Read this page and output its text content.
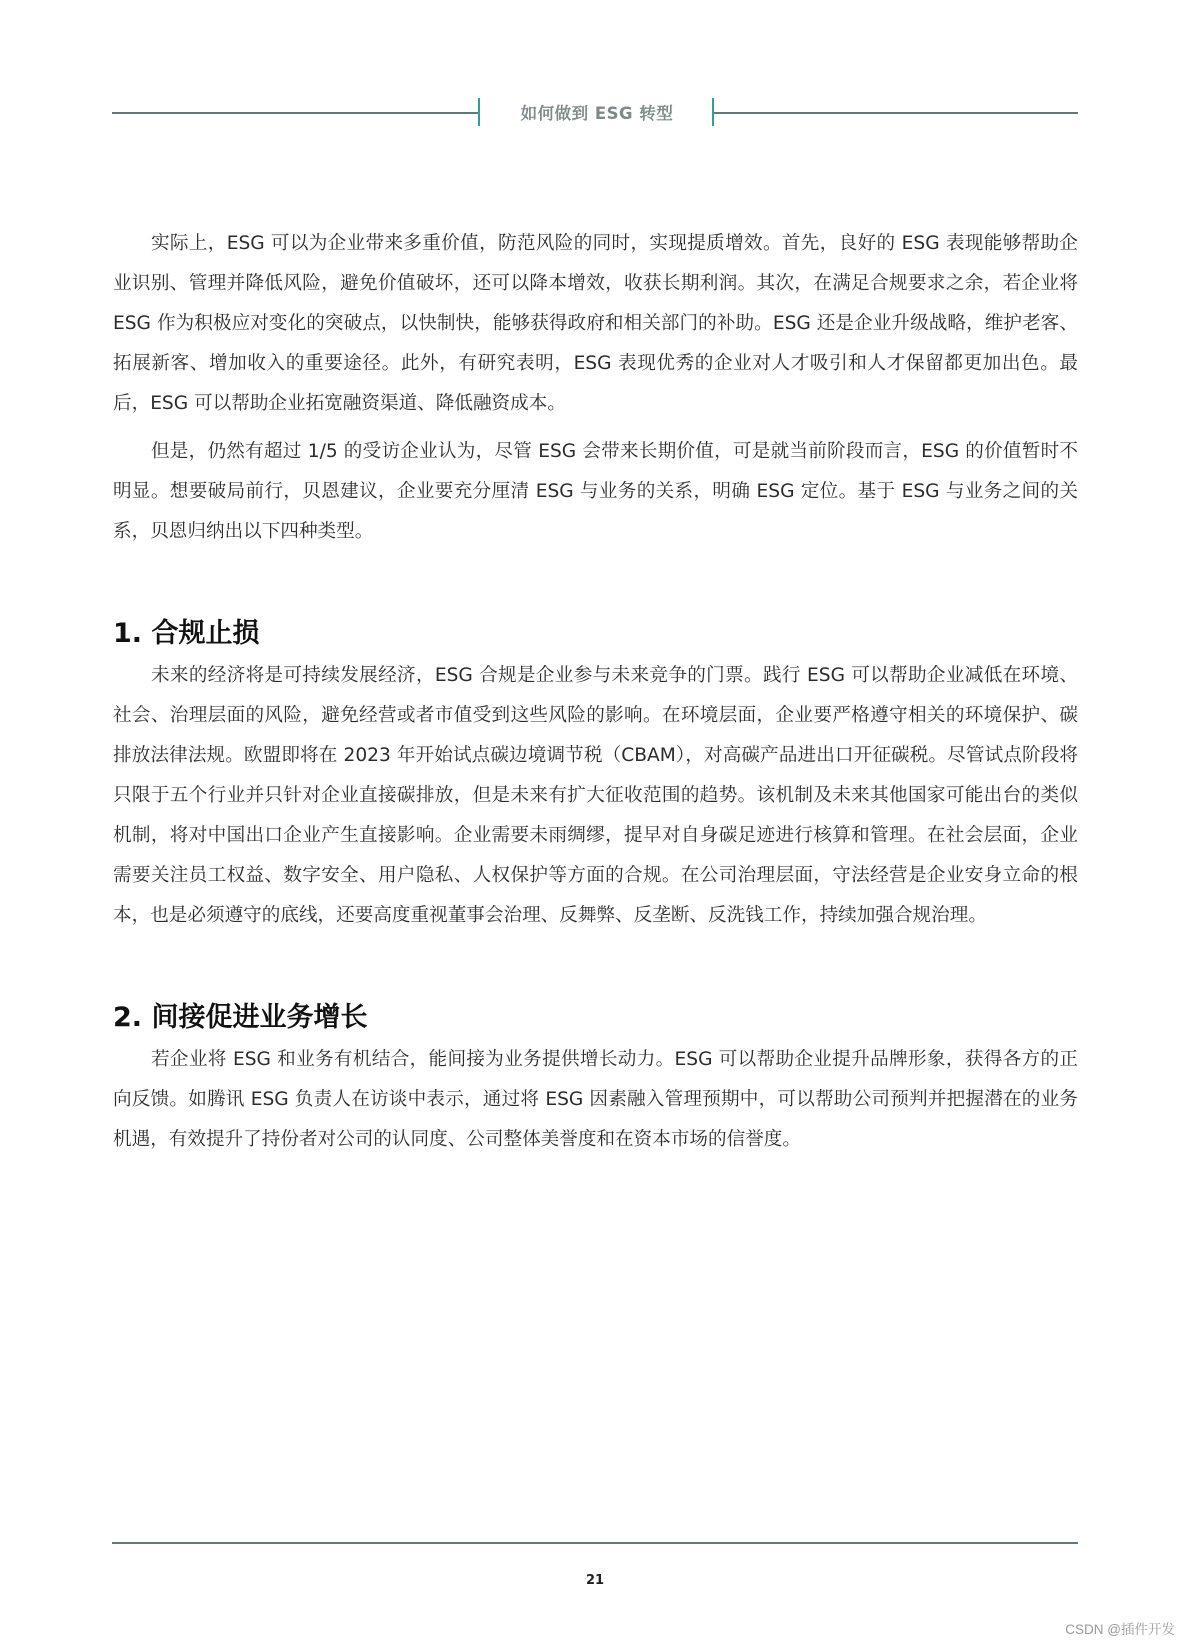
如何做到 ESG 转型

实际上，ESG 可以为企业带来多重价值，防范风险的同时，实现提质增效。首先，良好的 ESG 表现能够帮助企业识别、管理并降低风险，避免价值破坏，还可以降本增效，收获长期利润。其次，在满足合规要求之余，若企业将 ESG 作为积极应对变化的突破点，以快制快，能够获得政府和相关部门的补助。ESG 还是企业升级战略，维护老客、拓展新客、增加收入的重要途径。此外，有研究表明，ESG 表现优秀的企业对人才吸引和人才保留都更加出色。最后，ESG 可以帮助企业拓宽融资渠道、降低融资成本。

但是，仍然有超过 1/5 的受访企业认为，尽管 ESG 会带来长期价值，可是就当前阶段而言，ESG 的价值暂时不明显。想要破局前行，贝恩建议，企业要充分厘清 ESG 与业务的关系，明确 ESG 定位。基于 ESG 与业务之间的关系，贝恩归纳出以下四种类型。

1. 合规止损

未来的经济将是可持续发展经济，ESG 合规是企业参与未来竞争的门票。践行 ESG 可以帮助企业减低在环境、社会、治理层面的风险，避免经营或者市值受到这些风险的影响。在环境层面，企业要严格遵守相关的环境保护、碳排放法律法规。欧盟即将在 2023 年开始试点碳边境调节税（CBAM），对高碳产品进出口开征碳税。尽管试点阶段将只限于五个行业并只针对企业直接碳排放，但是未来有扩大征收范围的趋势。该机制及未来其他国家可能出台的类似机制，将对中国出口企业产生直接影响。企业需要未雨绸缪，提早对自身碳足迹进行核算和管理。在社会层面，企业需要关注员工权益、数字安全、用户隐私、人权保护等方面的合规。在公司治理层面，守法经营是企业安身立命的根本，也是必须遵守的底线，还要高度重视董事会治理、反舞弊、反垄断、反洗钱工作，持续加强合规治理。

2. 间接促进业务增长

若企业将 ESG 和业务有机结合，能间接为业务提供增长动力。ESG 可以帮助企业提升品牌形象，获得各方的正向反馈。如腾讯 ESG 负责人在访谈中表示，通过将 ESG 因素融入管理预期中，可以帮助公司预判并把握潜在的业务机遇，有效提升了持份者对公司的认同度、公司整体美誉度和在资本市场的信誉度。

21
CSDN @插件开发
